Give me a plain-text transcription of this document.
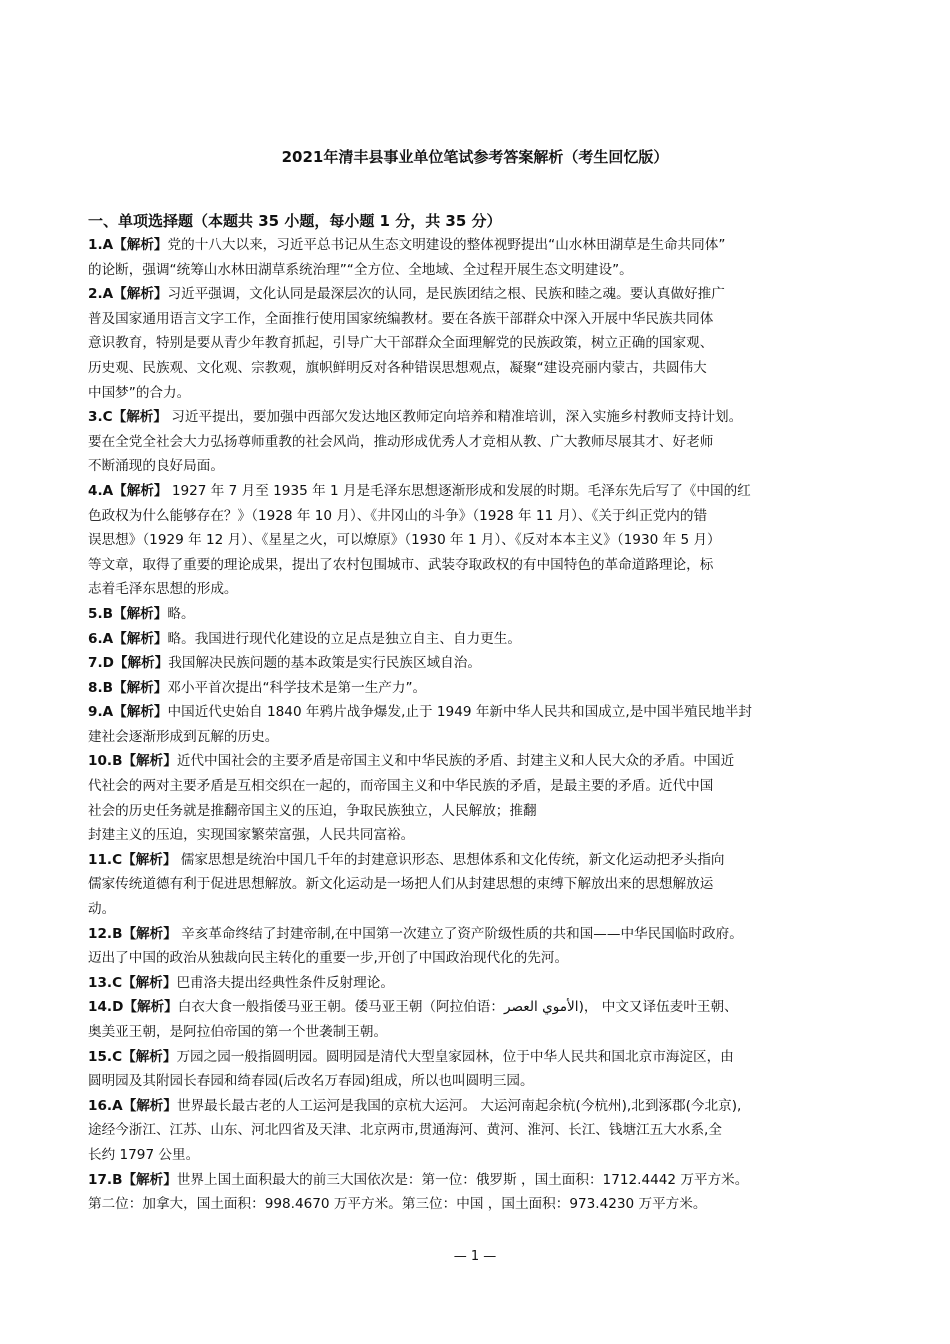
2021年清丰县事业单位笔试参考答案解析（考生回忆版）
一、单项选择题（本题共 35 小题，每小题 1 分，共 35 分）

1.A【解析】党的十八大以来，习近平总书记从生态文明建设的整体视野提出“山水林田湖草是生命共同体”
的论断，强调“统筹山水林田湖草系统治理”“全方位、全地域、全过程开展生态文明建设”。

2.A【解析】习近平强调，文化认同是最深层次的认同，是民族团结之根、民族和睦之魂。要认真做好推广
普及国家通用语言文字工作，全面推行使用国家统编教材。要在各族干部群众中深入开展中华民族共同体
意识教育，特别是要从青少年教育抓起，引导广大干部群众全面理解党的民族政策，树立正确的国家观、
历史观、民族观、文化观、宗教观，旗帜鲜明反对各种错误思想观点，凝聚“建设亮丽内蒙古，共圆伟大
中国梦”的合力。

3.C【解析】 习近平提出，要加强中西部欠发达地区教师定向培养和精准培训，深入实施乡村教师支持计划。
要在全党全社会大力弘扬尊师重教的社会风尚，推动形成优秀人才竞相从教、广大教师尽展其才、好老师
不断涌现的良好局面。

4.A【解析】 1927 年 7 月至 1935 年 1 月是毛泽东思想逐渐形成和发展的时期。毛泽东先后写了《中国的红
色政权为什么能够存在？》（1928 年 10 月）、《井冈山的斗争》（1928 年 11 月）、《关于纠正党内的错
误思想》（1929 年 12 月）、《星星之火，可以燎原》（1930 年 1 月）、《反对本本主义》（1930 年 5 月）
等文章，取得了重要的理论成果，提出了农村包围城市、武装夺取政权的有中国特色的革命道路理论，标
志着毛泽东思想的形成。

5.B【解析】略。

6.A【解析】略。我国进行现代化建设的立足点是独立自主、自力更生。

7.D【解析】我国解决民族问题的基本政策是实行民族区域自治。

8.B【解析】邓小平首次提出“科学技术是第一生产力”。

9.A【解析】中国近代史始自 1840 年鸦片战争爆发,止于 1949 年新中华人民共和国成立,是中国半殖民地半封
建社会逐渐形成到瓦解的历史。

10.B【解析】近代中国社会的主要矛盾是帝国主义和中华民族的矛盾、封建主义和人民大众的矛盾。中国近
代社会的两对主要矛盾是互相交织在一起的，而帝国主义和中华民族的矛盾，是最主要的矛盾。近代中国
社会的历史任务就是推翻帝国主义的压迫，争取民族独立，人民解放；推翻
封建主义的压迫，实现国家繁荣富强，人民共同富裕。

11.C【解析】 儒家思想是统治中国几千年的封建意识形态、思想体系和文化传统，新文化运动把矛头指向
儒家传统道德有利于促进思想解放。新文化运动是一场把人们从封建思想的束缚下解放出来的思想解放运
动。

12.B【解析】 辛亥革命终结了封建帝制,在中国第一次建立了资产阶级性质的共和国——中华民国临时政府。
迈出了中国的政治从独裁向民主转化的重要一步,开创了中国政治现代化的先河。

13.C【解析】巴甫洛夫提出经典性条件反射理论。

14.D【解析】白衣大食一般指倭马亚王朝。倭马亚王朝（阿拉伯语：الأموي العصر)， 中文又译伍麦叶王朝、
奥美亚王朝，是阿拉伯帝国的第一个世袭制王朝。

15.C【解析】万园之园一般指圆明园。圆明园是清代大型皇家园林，位于中华人民共和国北京市海淀区，由
圆明园及其附园长春园和绮春园(后改名万春园)组成，所以也叫圆明三园。

16.A【解析】世界最长最古老的人工运河是我国的京杭大运河。 大运河南起余杭(今杭州),北到涿郡(今北京),
途经今浙江、江苏、山东、河北四省及天津、北京两市,贯通海河、黄河、淮河、长江、钱塘江五大水系,全
长约 1797 公里。

17.B【解析】世界上国土面积最大的前三大国依次是：第一位：俄罗斯 ，国土面积：1712.4442 万平方米。
第二位：加拿大，国土面积：998.4670 万平方米。第三位：中国 ，国土面积：973.4230 万平方米。

— 1 —
